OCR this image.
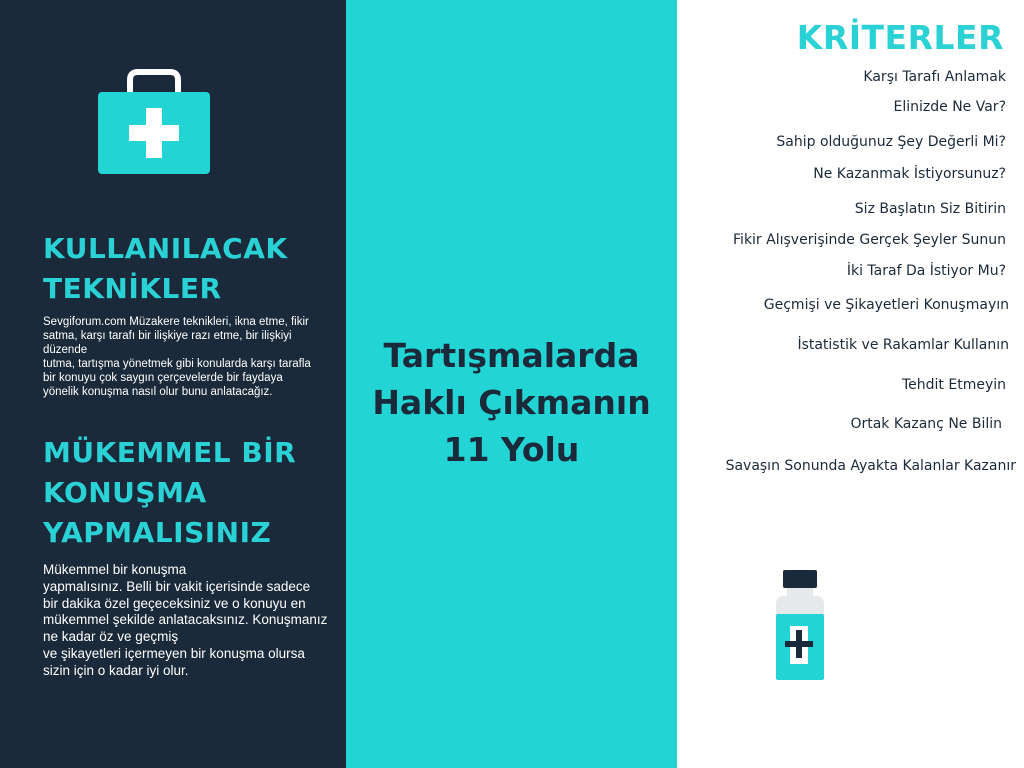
KULLANILACAK
TEKNİKLER
Sevgiforum.com Müzakere teknikleri, ikna etme, fikir satma, karşı tarafı bir ilişkiye razı etme, bir ilişkiyi düzende
tutma, tartışma yönetmek gibi konularda karşı tarafla bir konuyu çok saygın çerçevelerde bir faydaya yönelik konuşma nasıl olur bunu anlatacağız.
MÜKEMMEL BİR
KONUŞMA
YAPMALISINIZ
Mükemmel bir konuşma
yapmalısınız. Belli bir vakit içerisinde sadece bir dakika özel geçeceksiniz ve o konuyu en mükemmel şekilde anlatacaksınız. Konuşmanız ne kadar öz ve geçmiş
ve şikayetleri içermeyen bir konuşma olursa sizin için o kadar iyi olur.
Tartışmalarda
Haklı Çıkmanın
11 Yolu
KRİTERLER
Karşı Tarafı Anlamak
Elinizde Ne Var?
Sahip olduğunuz Şey Değerli Mi?
Ne Kazanmak İstiyorsunuz?
Siz Başlatın Siz Bitirin
Fikir Alışverişinde Gerçek Şeyler Sunun
İki Taraf Da İstiyor Mu?
Geçmişi ve Şikayetleri Konuşmayın
İstatistik ve Rakamlar Kullanın
Tehdit Etmeyin
Ortak Kazanç Ne Bilin
Savaşın Sonunda Ayakta Kalanlar Kazanır
